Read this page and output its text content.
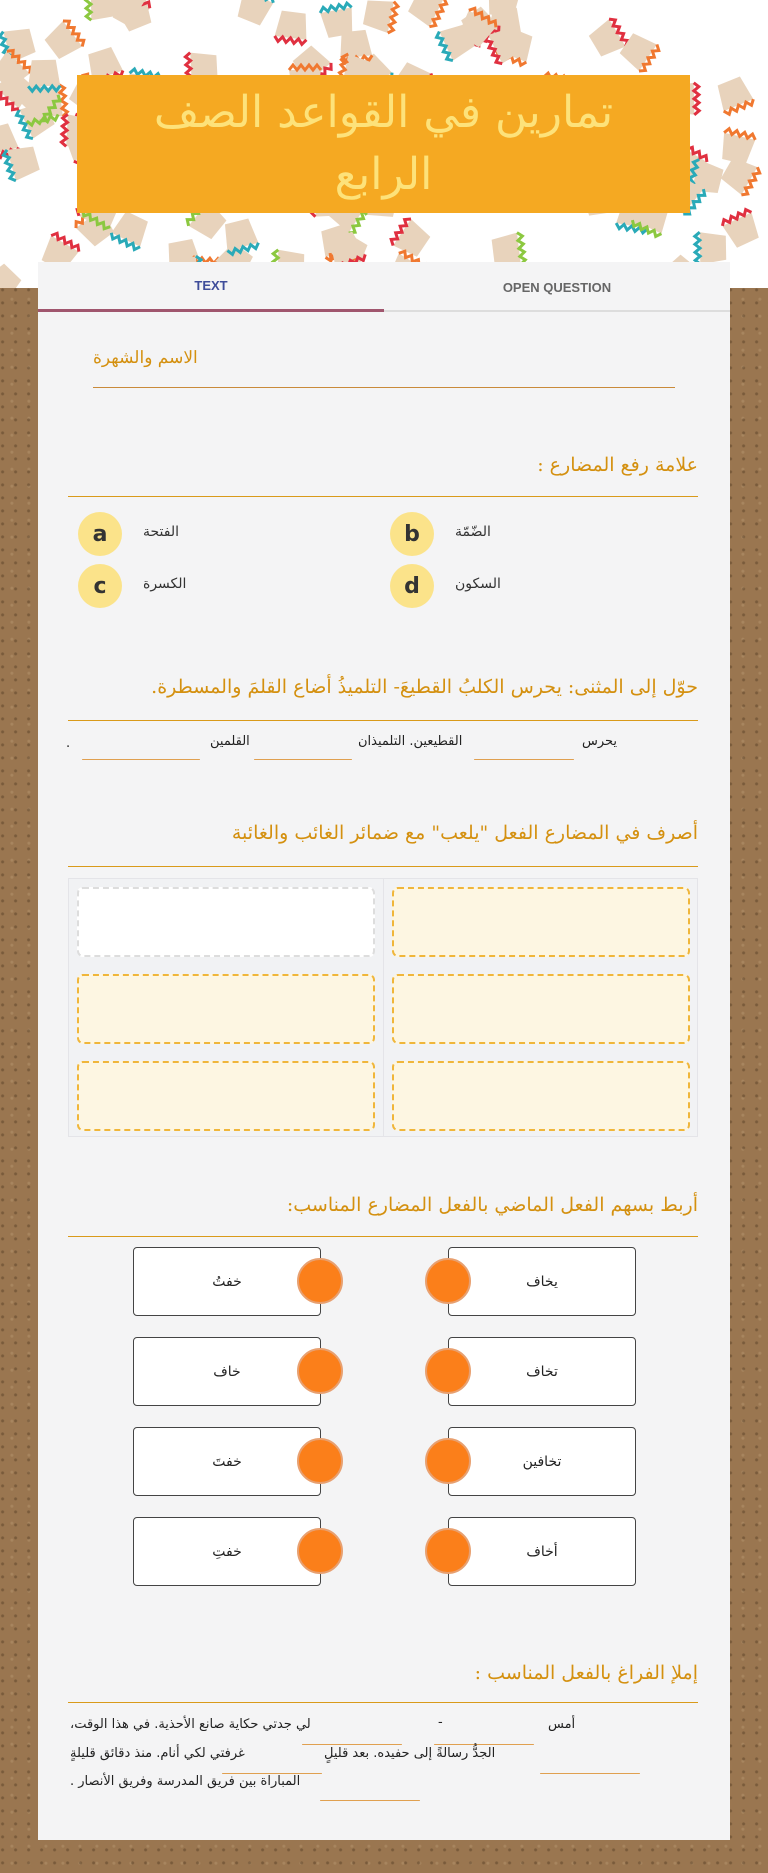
تمارين في القواعد الصف الرابع
TEXT	OPEN QUESTION
الاسم والشهرة
علامة رفع المضارع :
a	الفتحة	b	الضّمّة
c	الكسرة	d	السكون
حوّل إلى المثنى: يحرس الكلبُ القطيعَ- التلميذُ أضاع القلمَ والمسطرة.
يحرس
القطيعين. التلميذان
القلمين
.
أصرف في المضارع الفعل "يلعب" مع ضمائر الغائب والغائبة
أربط بسهم الفعل الماضي بالفعل المضارع المناسب:
خفتُ	يخاف
خاف	تخاف
خفتَ	تخافين
خفتِ	أخاف
إملإ الفراغ بالفعل المناسب :
أمس
-
لي جدتي حكاية صانع الأحذية. في هذا الوقت،
الجدُّ رسالةً إلى حفيده. بعد قليلٍ
غرفتي لكي أنام. منذ دقائق قليلةٍ
المباراة بين فريق المدرسة وفريق الأنصار .
